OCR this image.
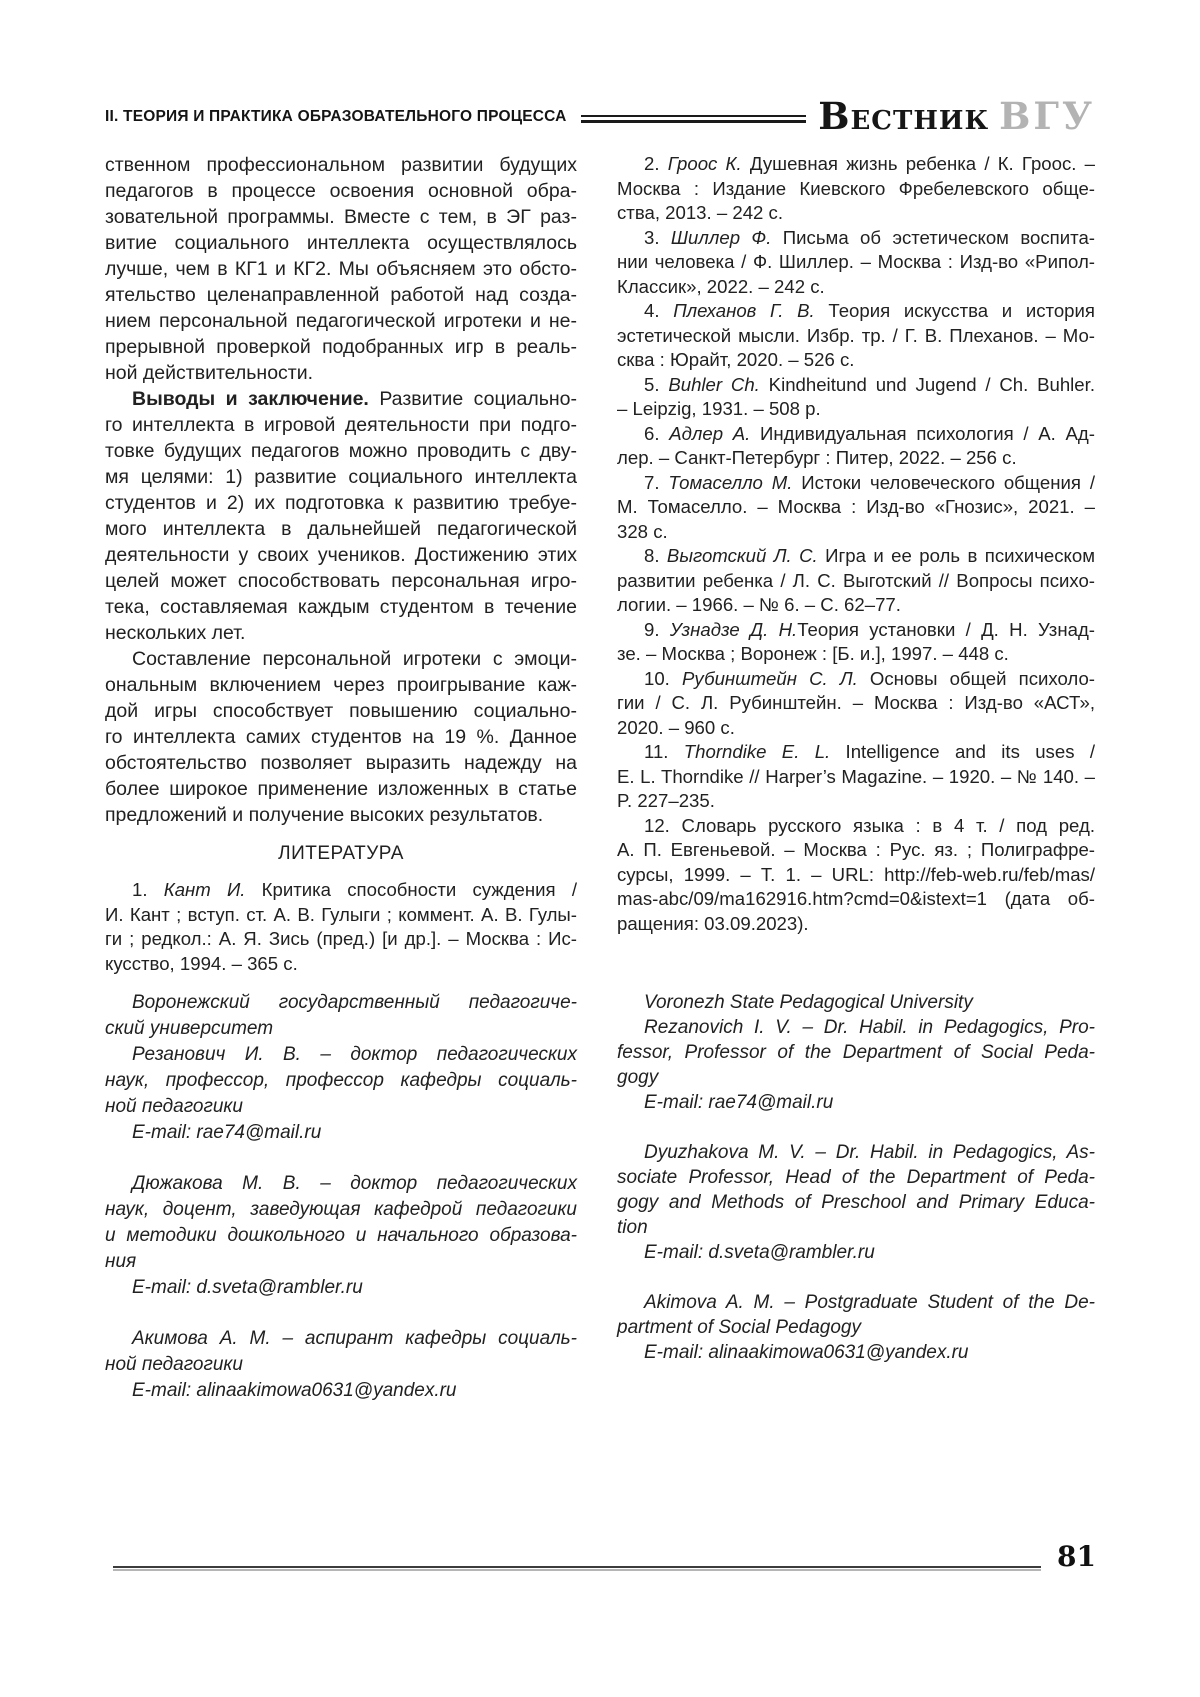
II. ТЕОРИЯ И ПРАКТИКА ОБРАЗОВАТЕЛЬНОГО ПРОЦЕССА	Вестник ВГУ
ственном профессиональном развитии будущих
педагогов в процессе освоения основной обра-
зовательной программы. Вместе с тем, в ЭГ раз-
витие социального интеллекта осуществлялось
лучше, чем в КГ1 и КГ2. Мы объясняем это обсто-
ятельство целенаправленной работой над созда-
нием персональной педагогической игротеки и не-
прерывной проверкой подобранных игр в реаль-
ной действительности.
Выводы и заключение. Развитие социально-
го интеллекта в игровой деятельности при подго-
товке будущих педагогов можно проводить с дву-
мя целями: 1) развитие социального интеллекта
студентов и 2) их подготовка к развитию требуе-
мого интеллекта в дальнейшей педагогической
деятельности у своих учеников. Достижению этих
целей может способствовать персональная игро-
тека, составляемая каждым студентом в течение
нескольких лет.
Составление персональной игротеки с эмоци-
ональным включением через проигрывание каж-
дой игры способствует повышению социально-
го интеллекта самих студентов на 19 %. Данное
обстоятельство позволяет выразить надежду на
более широкое применение изложенных в статье
предложений и получение высоких результатов.
ЛИТЕРАТУРА
1. Кант И. Критика способности суждения /
И. Кант ; вступ. ст. А. В. Гулыги ; коммент. А. В. Гулы-
ги ; редкол.: А. Я. Зись (пред.) [и др.]. – Москва : Ис-
кусство, 1994. – 365 с.
2. Гроос К. Душевная жизнь ребенка / К. Гроос. –
Москва : Издание Киевского Фребелевского обще-
ства, 2013. – 242 с.
3. Шиллер Ф. Письма об эстетическом воспита-
нии человека / Ф. Шиллер. – Москва : Изд-во «Рипол-
Классик», 2022. – 242 с.
4. Плеханов Г. В. Теория искусства и история
эстетической мысли. Избр. тр. / Г. В. Плеханов. – Мо-
сква : Юрайт, 2020. – 526 с.
5. Buhler Ch. Kindheitund und Jugend / Ch. Buhler.
– Leipzig, 1931. – 508 p.
6. Адлер А. Индивидуальная психология / А. Ад-
лер. – Санкт-Петербург : Питер, 2022. – 256 с.
7. Томаселло М. Истоки человеческого общения /
М. Томаселло. – Москва : Изд-во «Гнозис», 2021. –
328 с.
8. Выготский Л. С. Игра и ее роль в психическом
развитии ребенка / Л. С. Выготский // Вопросы психо-
логии. – 1966. – № 6. – С. 62–77.
9. Узнадзе Д. Н.Теория установки / Д. Н. Узнад-
зе. – Москва ; Воронеж : [Б. и.], 1997. – 448 с.
10. Рубинштейн С. Л. Основы общей психоло-
гии / С. Л. Рубинштейн. – Москва : Изд-во «АСТ»,
2020. – 960 с.
11. Thorndike E. L. Intelligence and its uses /
E. L. Thorndike // Harper’s Magazine. – 1920. – № 140. –
P. 227–235.
12. Словарь русского языка : в 4 т. / под ред.
А. П. Евгеньевой. – Москва : Рус. яз. ; Полиграфре-
сурсы, 1999. – Т. 1. – URL: http://feb-web.ru/feb/mas/
mas-abc/09/ma162916.htm?cmd=0&istext=1 (дата об-
ращения: 03.09.2023).
Воронежский государственный педагогиче-
ский университет
Резанович И. В. – доктор педагогических
наук, профессор, профессор кафедры социаль-
ной педагогики
E-mail: rae74@mail.ru
Дюжакова М. В. – доктор педагогических
наук, доцент, заведующая кафедрой педагогики
и методики дошкольного и начального образова-
ния
E-mail: d.sveta@rambler.ru
Акимова А. М. – аспирант кафедры социаль-
ной педагогики
E-mail: alinaakimowa0631@yandex.ru
Voronezh State Pedagogical University
Rezanovich I. V. – Dr. Habil. in Pedagogics, Pro-
fessor, Professor of the Department of Social Peda-
gogy
E-mail: rae74@mail.ru
Dyuzhakova M. V. – Dr. Habil. in Pedagogics, As-
sociate Professor, Head of the Department of Peda-
gogy and Methods of Preschool and Primary Educa-
tion
E-mail: d.sveta@rambler.ru
Akimova A. M. – Postgraduate Student of the De-
partment of Social Pedagogy
E-mail: alinaakimowa0631@yandex.ru
81
